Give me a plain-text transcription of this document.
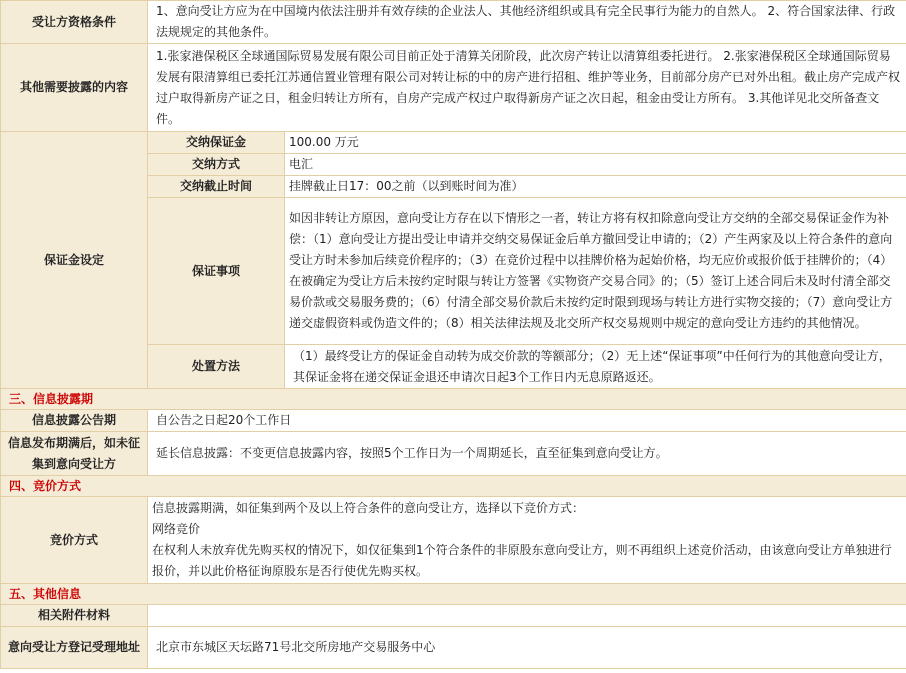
受让方资格条件	1、意向受让方应为在中国境内依法注册并有效存续的企业法人、其他经济组织或具有完全民事行为能力的自然人。 2、符合国家法律、行政法规规定的其他条件。	
其他需要披露的内容	1.张家港保税区全球通国际贸易发展有限公司目前正处于清算关闭阶段，此次房产转让以清算组委托进行。 2.张家港保税区全球通国际贸易发展有限清算组已委托江苏通信置业管理有限公司对转让标的中的房产进行招租、维护等业务，目前部分房产已对外出租。截止房产完成产权过户取得新房产证之日，租金归转让方所有，自房产完成产权过户取得新房产证之次日起，租金由受让方所有。 3.其他详见北交所备查文件。	
保证金设定	交纳保证金	100.00 万元
	交纳方式	电汇
	交纳截止时间	挂牌截止日17：00之前（以到账时间为准）
	保证事项	如因非转让方原因，意向受让方存在以下情形之一者，转让方将有权扣除意向受让方交纳的全部交易保证金作为补偿：（1）意向受让方提出受让申请并交纳交易保证金后单方撤回受让申请的；（2）产生两家及以上符合条件的意向受让方时未参加后续竞价程序的；（3）在竞价过程中以挂牌价格为起始价格，均无应价或报价低于挂牌价的；（4）在被确定为受让方后未按约定时限与转让方签署《实物资产交易合同》的；（5）签订上述合同后未及时付清全部交易价款或交易服务费的；（6）付清全部交易价款后未按约定时限到现场与转让方进行实物交接的；（7）意向受让方递交虚假资料或伪造文件的；（8）相关法律法规及北交所产权交易规则中规定的意向受让方违约的其他情况。
	处置方法	（1）最终受让方的保证金自动转为成交价款的等额部分；（2）无上述“保证事项”中任何行为的其他意向受让方，其保证金将在递交保证金退还申请次日起3个工作日内无息原路返还。
三、信息披露期		
信息披露公告期	自公告之日起20个工作日	
信息发布期满后，如未征集到意向受让方	延长信息披露：不变更信息披露内容，按照5个工作日为一个周期延长，直至征集到意向受让方。	
四、竞价方式		
竞价方式	信息披露期满，如征集到两个及以上符合条件的意向受让方，选择以下竞价方式：
网络竞价
在权利人未放弃优先购买权的情况下，如仅征集到1个符合条件的非原股东意向受让方，则不再组织上述竞价活动，由该意向受让方单独进行报价，并以此价格征询原股东是否行使优先购买权。	

五、其他信息		
相关附件材料		
意向受让方登记受理地址	北京市东城区天坛路71号北交所房地产交易服务中心	
